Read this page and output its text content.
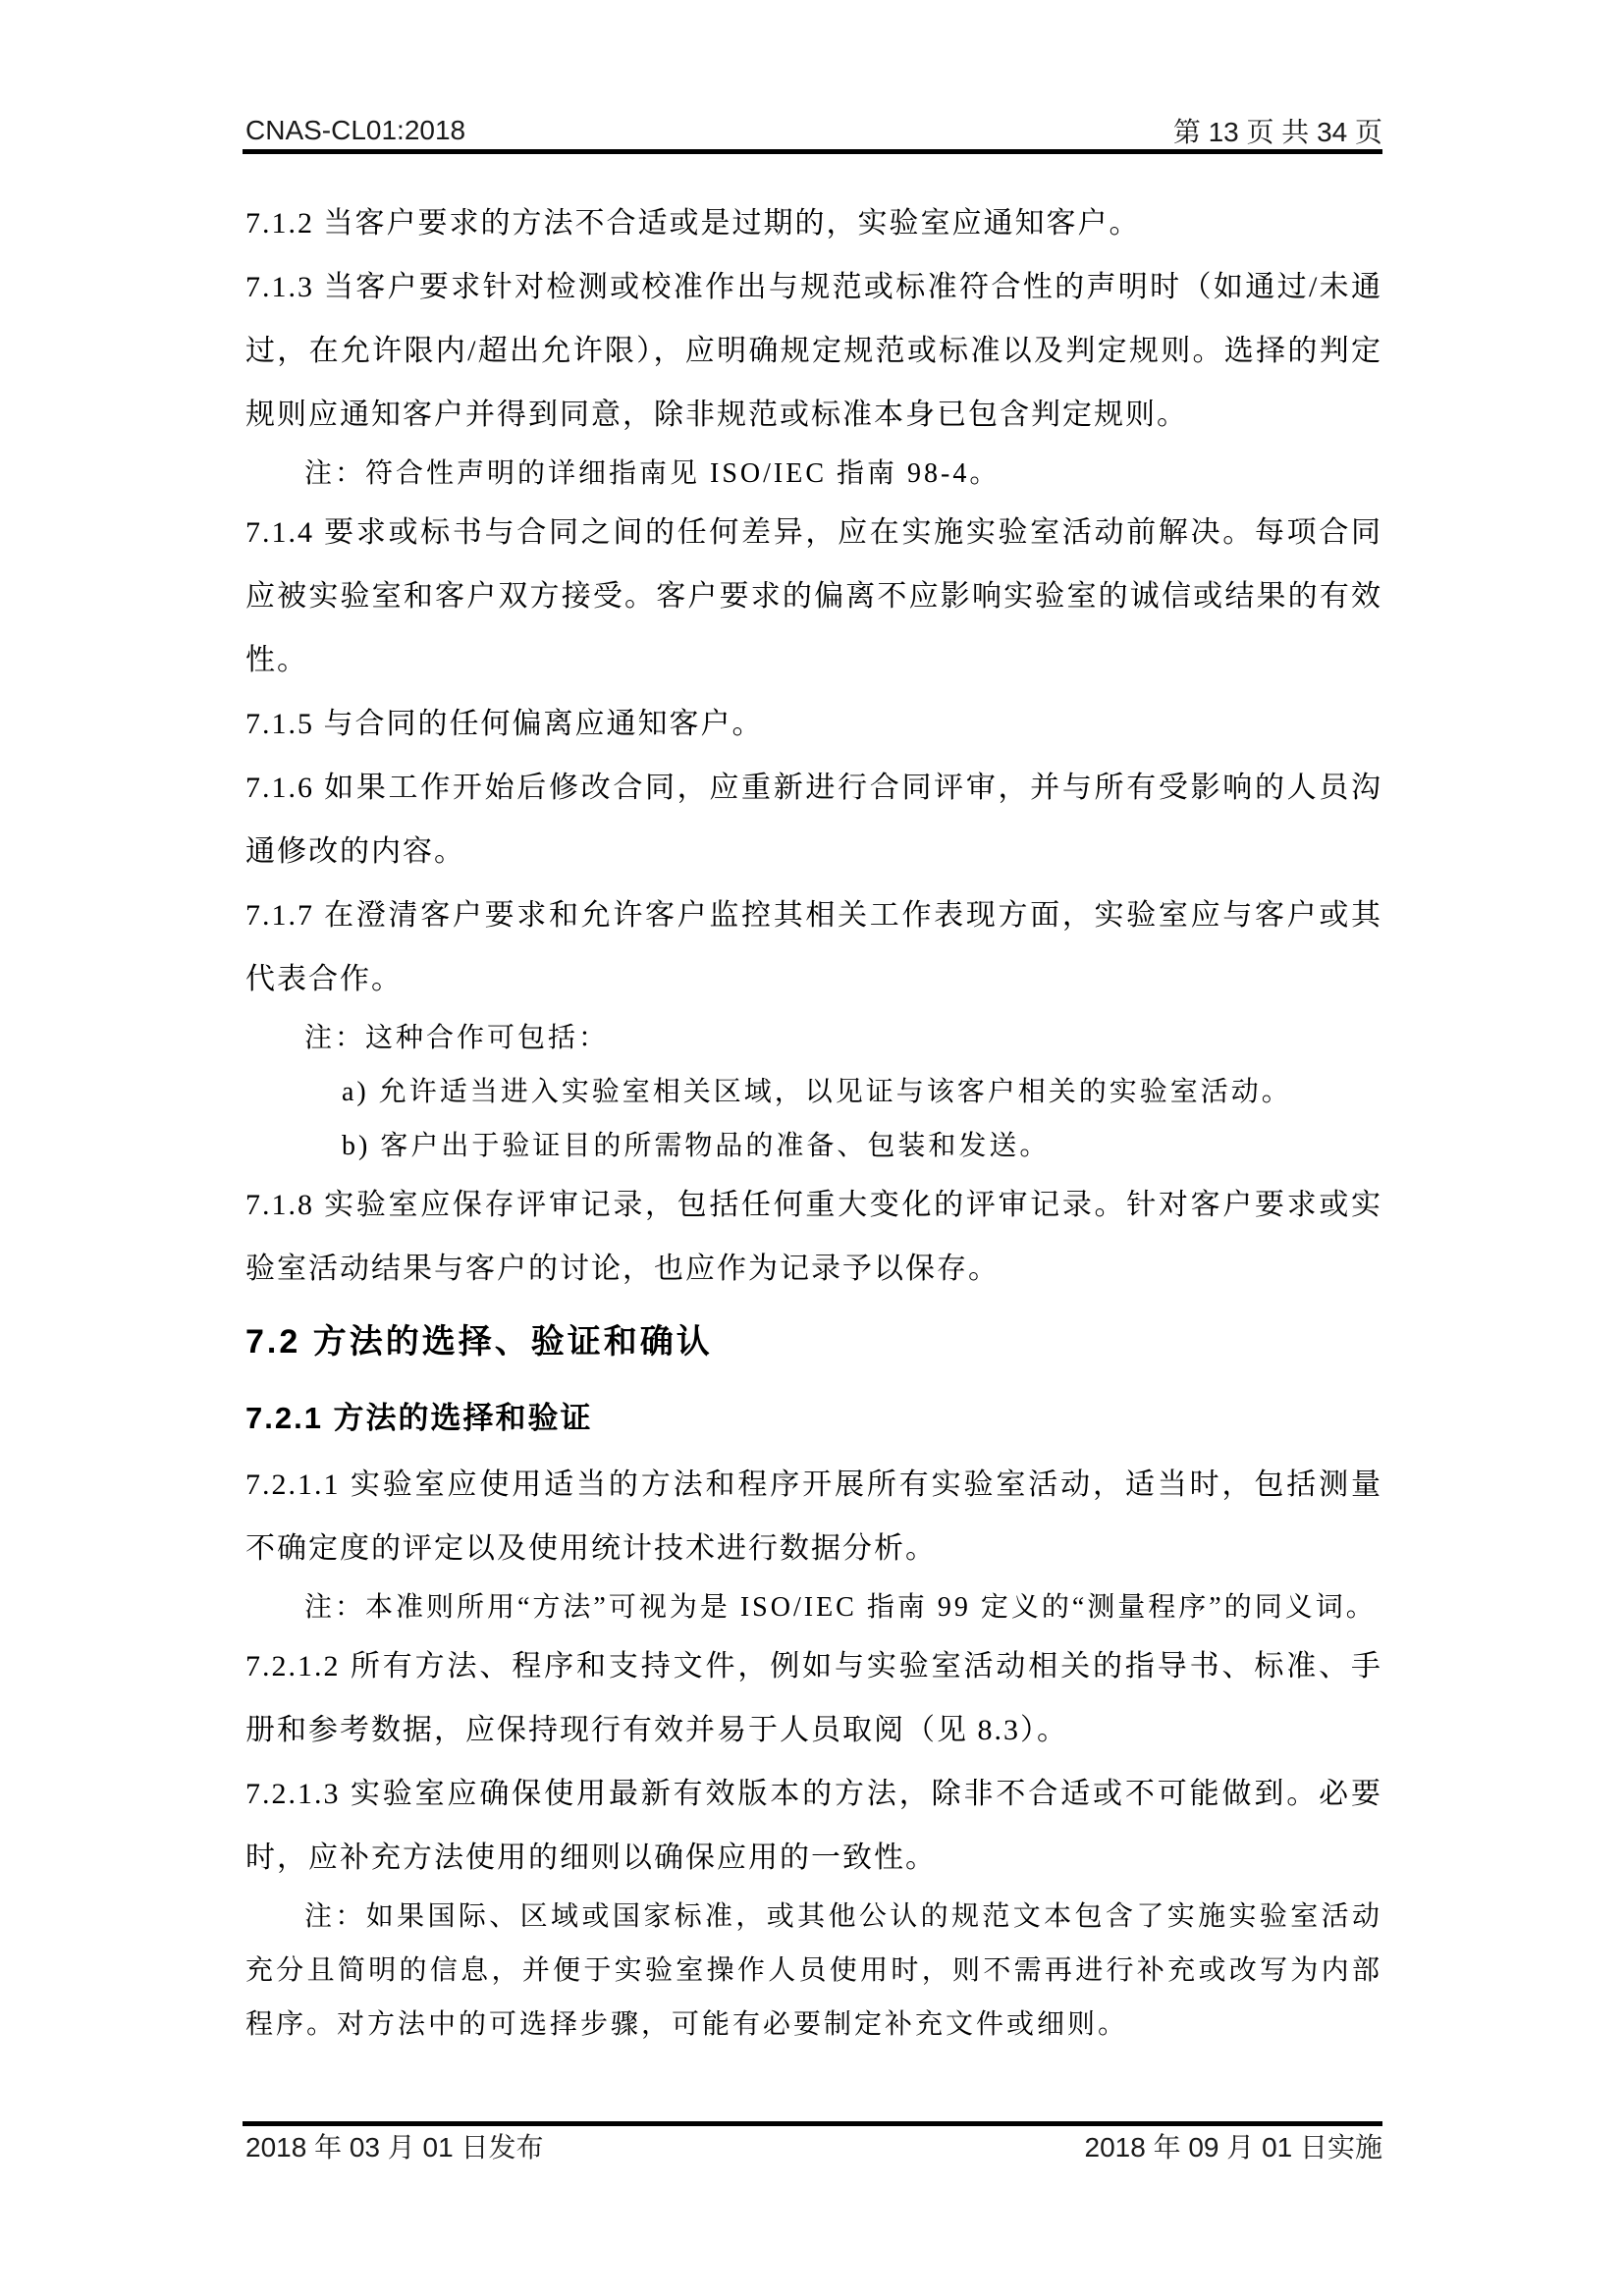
CNAS-CL01:2018	第 13 页 共 34 页

7.1.2 当客户要求的方法不合适或是过期的，实验室应通知客户。

7.1.3 当客户要求针对检测或校准作出与规范或标准符合性的声明时（如通过/未通过，在允许限内/超出允许限），应明确规定规范或标准以及判定规则。选择的判定规则应通知客户并得到同意，除非规范或标准本身已包含判定规则。

注：符合性声明的详细指南见 ISO/IEC 指南 98-4。

7.1.4 要求或标书与合同之间的任何差异，应在实施实验室活动前解决。每项合同应被实验室和客户双方接受。客户要求的偏离不应影响实验室的诚信或结果的有效性。

7.1.5 与合同的任何偏离应通知客户。

7.1.6 如果工作开始后修改合同，应重新进行合同评审，并与所有受影响的人员沟通修改的内容。

7.1.7 在澄清客户要求和允许客户监控其相关工作表现方面，实验室应与客户或其代表合作。

注：这种合作可包括：

a) 允许适当进入实验室相关区域，以见证与该客户相关的实验室活动。

b) 客户出于验证目的所需物品的准备、包装和发送。

7.1.8 实验室应保存评审记录，包括任何重大变化的评审记录。针对客户要求或实验室活动结果与客户的讨论，也应作为记录予以保存。

7.2 方法的选择、验证和确认

7.2.1 方法的选择和验证

7.2.1.1 实验室应使用适当的方法和程序开展所有实验室活动，适当时，包括测量不确定度的评定以及使用统计技术进行数据分析。

注：本准则所用“方法”可视为是 ISO/IEC 指南 99 定义的“测量程序”的同义词。

7.2.1.2 所有方法、程序和支持文件，例如与实验室活动相关的指导书、标准、手册和参考数据，应保持现行有效并易于人员取阅（见 8.3）。

7.2.1.3 实验室应确保使用最新有效版本的方法，除非不合适或不可能做到。必要时，应补充方法使用的细则以确保应用的一致性。

注：如果国际、区域或国家标准，或其他公认的规范文本包含了实施实验室活动充分且简明的信息，并便于实验室操作人员使用时，则不需再进行补充或改写为内部程序。对方法中的可选择步骤，可能有必要制定补充文件或细则。

2018 年 03 月 01 日发布	2018 年 09 月 01 日实施
